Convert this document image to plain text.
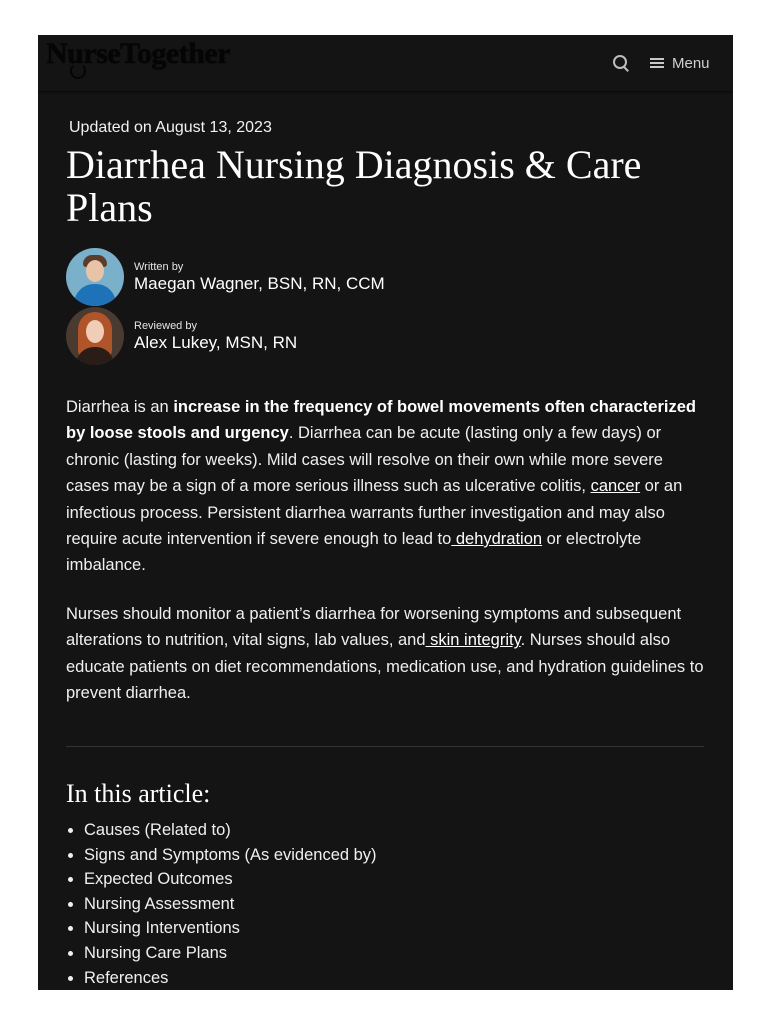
NurseTogether	Menu
Updated on August 13, 2023
Diarrhea Nursing Diagnosis & Care Plans
Written by
Maegan Wagner, BSN, RN, CCM
Reviewed by
Alex Lukey, MSN, RN

Diarrhea is an increase in the frequency of bowel movements often characterized by loose stools and urgency. Diarrhea can be acute (lasting only a few days) or chronic (lasting for weeks). Mild cases will resolve on their own while more severe cases may be a sign of a more serious illness such as ulcerative colitis, cancer or an infectious process. Persistent diarrhea warrants further investigation and may also require acute intervention if severe enough to lead to dehydration or electrolyte imbalance.

Nurses should monitor a patient’s diarrhea for worsening symptoms and subsequent alterations to nutrition, vital signs, lab values, and skin integrity. Nurses should also educate patients on diet recommendations, medication use, and hydration guidelines to prevent diarrhea.

In this article:
• Causes (Related to)
• Signs and Symptoms (As evidenced by)
• Expected Outcomes
• Nursing Assessment
• Nursing Interventions
• Nursing Care Plans
• References
